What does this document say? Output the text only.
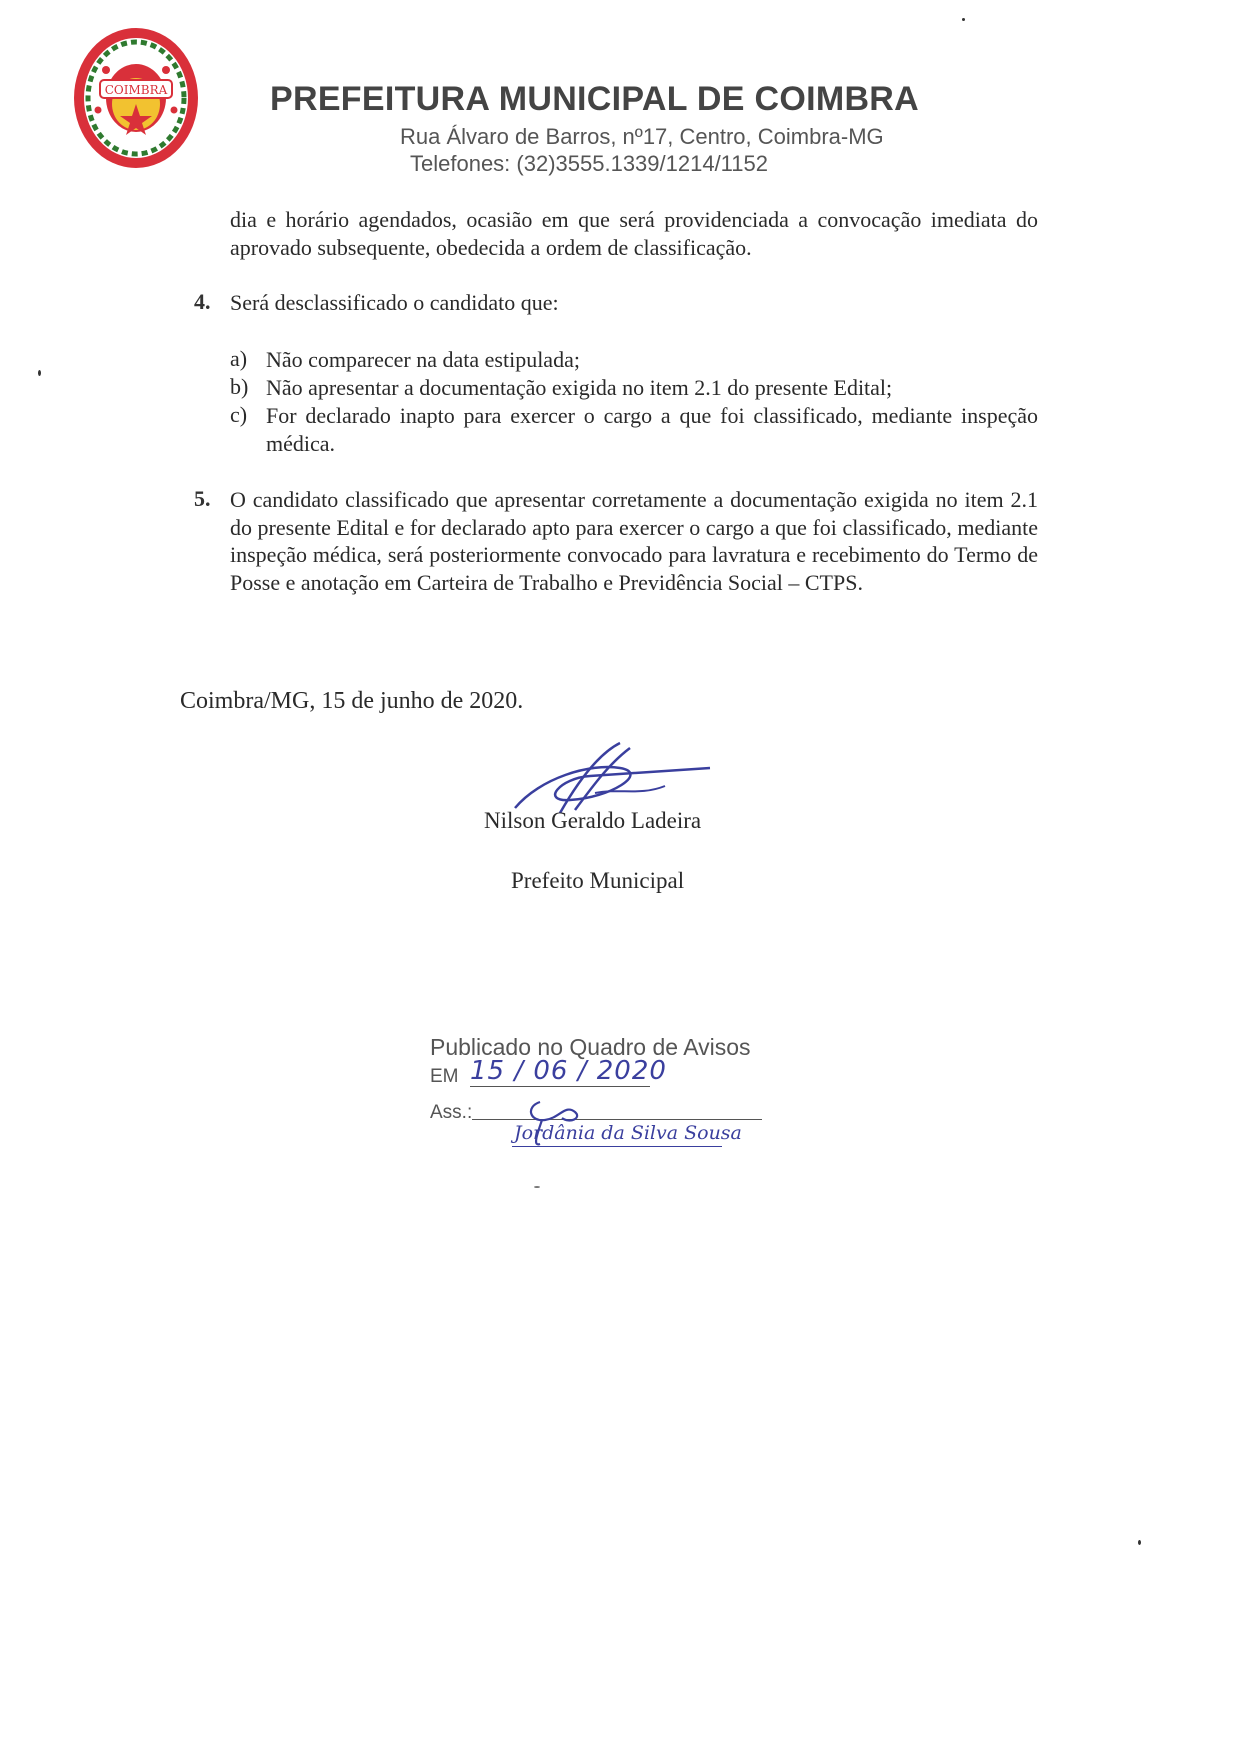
COIMBRA	PREFEITURA MUNICIPAL DE COIMBRA
Rua Álvaro de Barros, nº17, Centro, Coimbra-MG
Telefones: (32)3555.1339/1214/1152
dia e horário agendados, ocasião em que será providenciada a convocação imediata do aprovado subsequente, obedecida a ordem de classificação.
4. Será desclassificado o candidato que:
a) Não comparecer na data estipulada;
b) Não apresentar a documentação exigida no item 2.1 do presente Edital;
c) For declarado inapto para exercer o cargo a que foi classificado, mediante inspeção médica.
5. O candidato classificado que apresentar corretamente a documentação exigida no item 2.1 do presente Edital e for declarado apto para exercer o cargo a que foi classificado, mediante inspeção médica, será posteriormente convocado para lavratura e recebimento do Termo de Posse e anotação em Carteira de Trabalho e Previdência Social – CTPS.
Coimbra/MG, 15 de junho de 2020.
Nilson Geraldo Ladeira
Prefeito Municipal
Publicado no Quadro de Avisos
EM 15 / 06 / 2020
Ass.:
Jordânia da Silva Sousa
